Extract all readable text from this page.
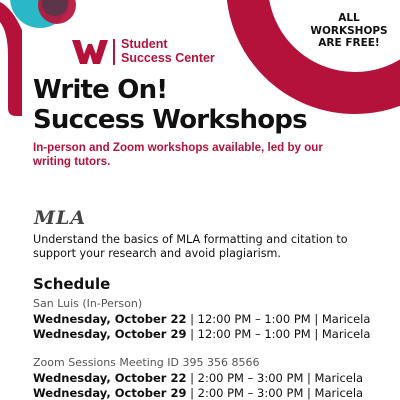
ALL
WORKSHOPS
ARE FREE!
Student
Success Center
Write On!
Success Workshops
In-person and Zoom workshops available, led by our writing tutors.
MLA
Understand the basics of MLA formatting and citation to support your research and avoid plagiarism.
Schedule
San Luis (In-Person)
Wednesday, October 22 | 12:00 PM – 1:00 PM | Maricela
Wednesday, October 29 | 12:00 PM – 1:00 PM | Maricela
Zoom Sessions Meeting ID 395 356 8566
Wednesday, October 22 | 2:00 PM – 3:00 PM | Maricela
Wednesday, October 29 | 2:00 PM – 3:00 PM | Maricela
